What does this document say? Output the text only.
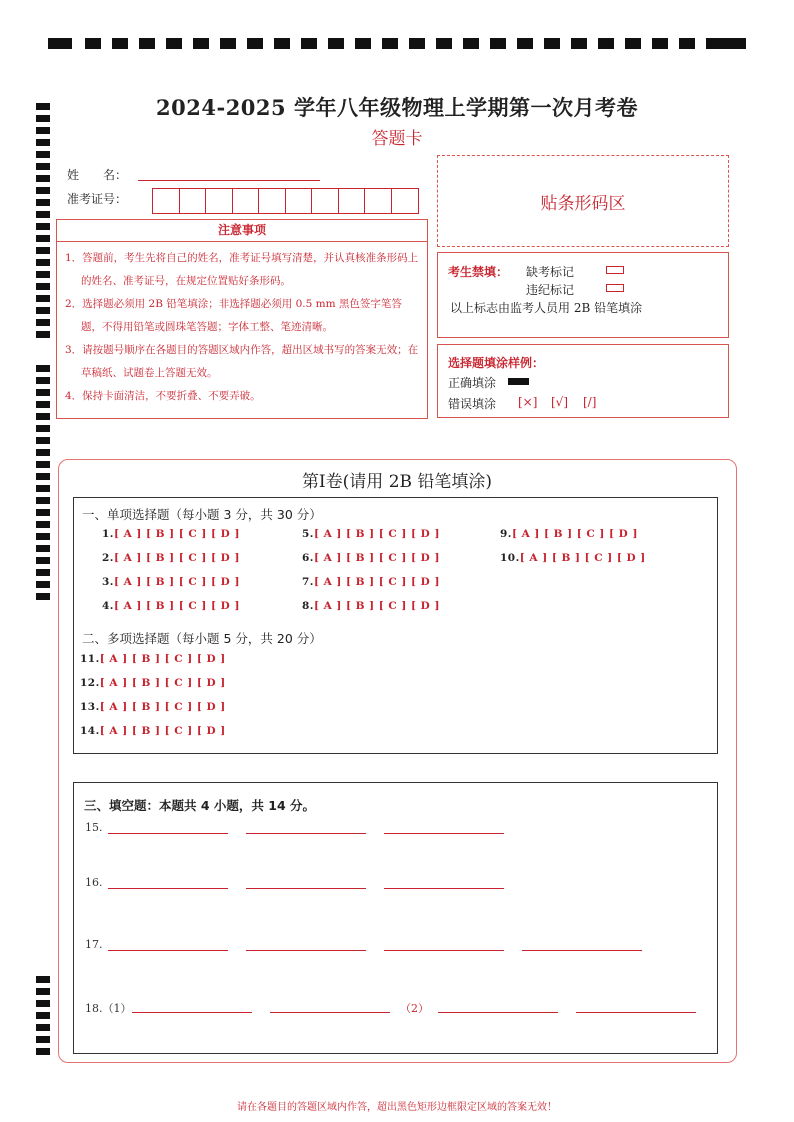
2024-2025 学年八年级物理上学期第一次月考卷
答题卡
姓　　名：
准考证号：	贴条形码区
注意事项
1．答题前，考生先将自己的姓名，准考证号填写清楚，并认真核准条形码上的姓名、准考证号，在规定位置贴好条形码。
2．选择题必须用 2B 铅笔填涂；非选择题必须用 0.5 mm 黑色签字笔答题，不得用铅笔或圆珠笔答题；字体工整、笔迹清晰。
3．请按题号顺序在各题目的答题区域内作答，超出区域书写的答案无效；在草稿纸、试题卷上答题无效。
4．保持卡面清洁，不要折叠、不要弄破。
考生禁填： 缺考标记
违纪标记
以上标志由监考人员用 2B 铅笔填涂
选择题填涂样例：
正确填涂
错误填涂 [×] [√] [/]
第Ⅰ卷(请用 2B 铅笔填涂)
一、单项选择题（每小题 3 分，共 30 分）
1.[ A ] [ B ] [ C ] [ D ]
2.[ A ] [ B ] [ C ] [ D ]
3.[ A ] [ B ] [ C ] [ D ]
4.[ A ] [ B ] [ C ] [ D ]
5.[ A ] [ B ] [ C ] [ D ]
6.[ A ] [ B ] [ C ] [ D ]
7.[ A ] [ B ] [ C ] [ D ]
8.[ A ] [ B ] [ C ] [ D ]
9.[ A ] [ B ] [ C ] [ D ]
10.[ A ] [ B ] [ C ] [ D ]
二、多项选择题（每小题 5 分，共 20 分）
11.[ A ] [ B ] [ C ] [ D ]
12.[ A ] [ B ] [ C ] [ D ]
13.[ A ] [ B ] [ C ] [ D ]
14.[ A ] [ B ] [ C ] [ D ]
三、填空题：本题共 4 小题，共 14 分。
15.
16.
17.
18.（1）	（2）
请在各题目的答题区域内作答，超出黑色矩形边框限定区域的答案无效！
